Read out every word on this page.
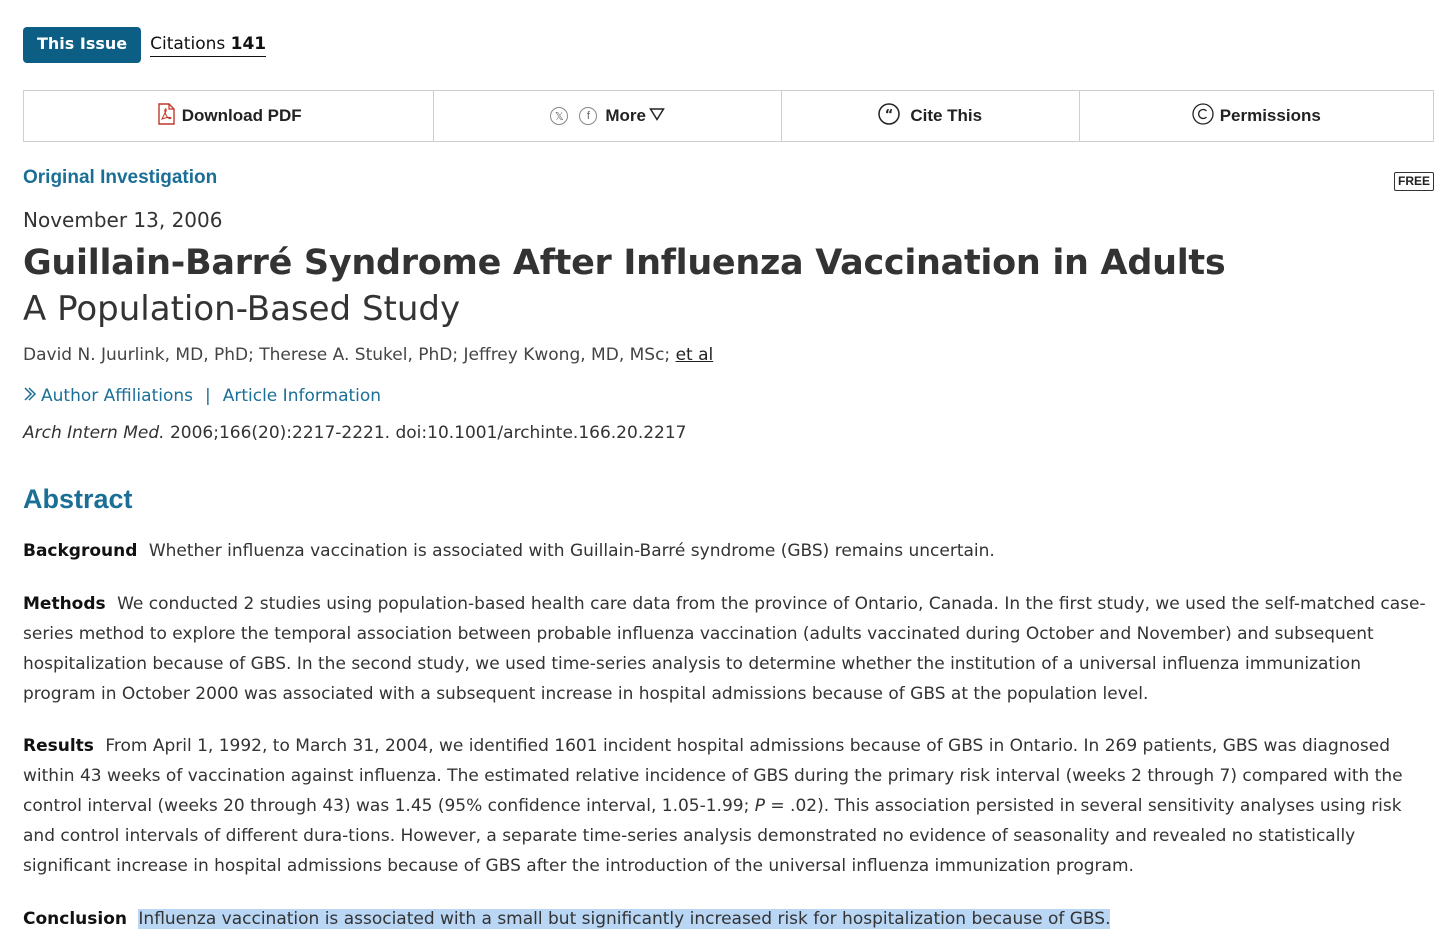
This Issue	Citations 141
Download PDF	𝕏	f More	“ Cite This	Permissions
Original Investigation	FREE
November 13, 2006
Guillain-Barré Syndrome After Influenza Vaccination in Adults
A Population-Based Study
David N. Juurlink, MD, PhD; Therese A. Stukel, PhD; Jeffrey Kwong, MD, MSc; et al
Author Affiliations | Article Information
Arch Intern Med. 2006;166(20):2217-2221. doi:10.1001/archinte.166.20.2217
Abstract
Background Whether influenza vaccination is associated with Guillain-Barré syndrome (GBS) remains uncertain.
Methods We conducted 2 studies using population-based health care data from the province of Ontario, Canada. In the first study, we used the self-matched case-series method to explore the temporal association between probable influenza vaccination (adults vaccinated during October and November) and subsequent hospitalization because of GBS. In the second study, we used time-series analysis to determine whether the institution of a universal influenza immunization program in October 2000 was associated with a subsequent increase in hospital admissions because of GBS at the population level.
Results From April 1, 1992, to March 31, 2004, we identified 1601 incident hospital admissions because of GBS in Ontario. In 269 patients, GBS was diagnosed within 43 weeks of vaccination against influenza. The estimated relative incidence of GBS during the primary risk interval (weeks 2 through 7) compared with the control interval (weeks 20 through 43) was 1.45 (95% confidence interval, 1.05-1.99; P = .02). This association persisted in several sensitivity analyses using risk and control intervals of different dura-tions. However, a separate time-series analysis demonstrated no evidence of seasonality and revealed no statistically significant increase in hospital admissions because of GBS after the introduction of the universal influenza immunization program.
Conclusion Influenza vaccination is associated with a small but significantly increased risk for hospitalization because of GBS.
